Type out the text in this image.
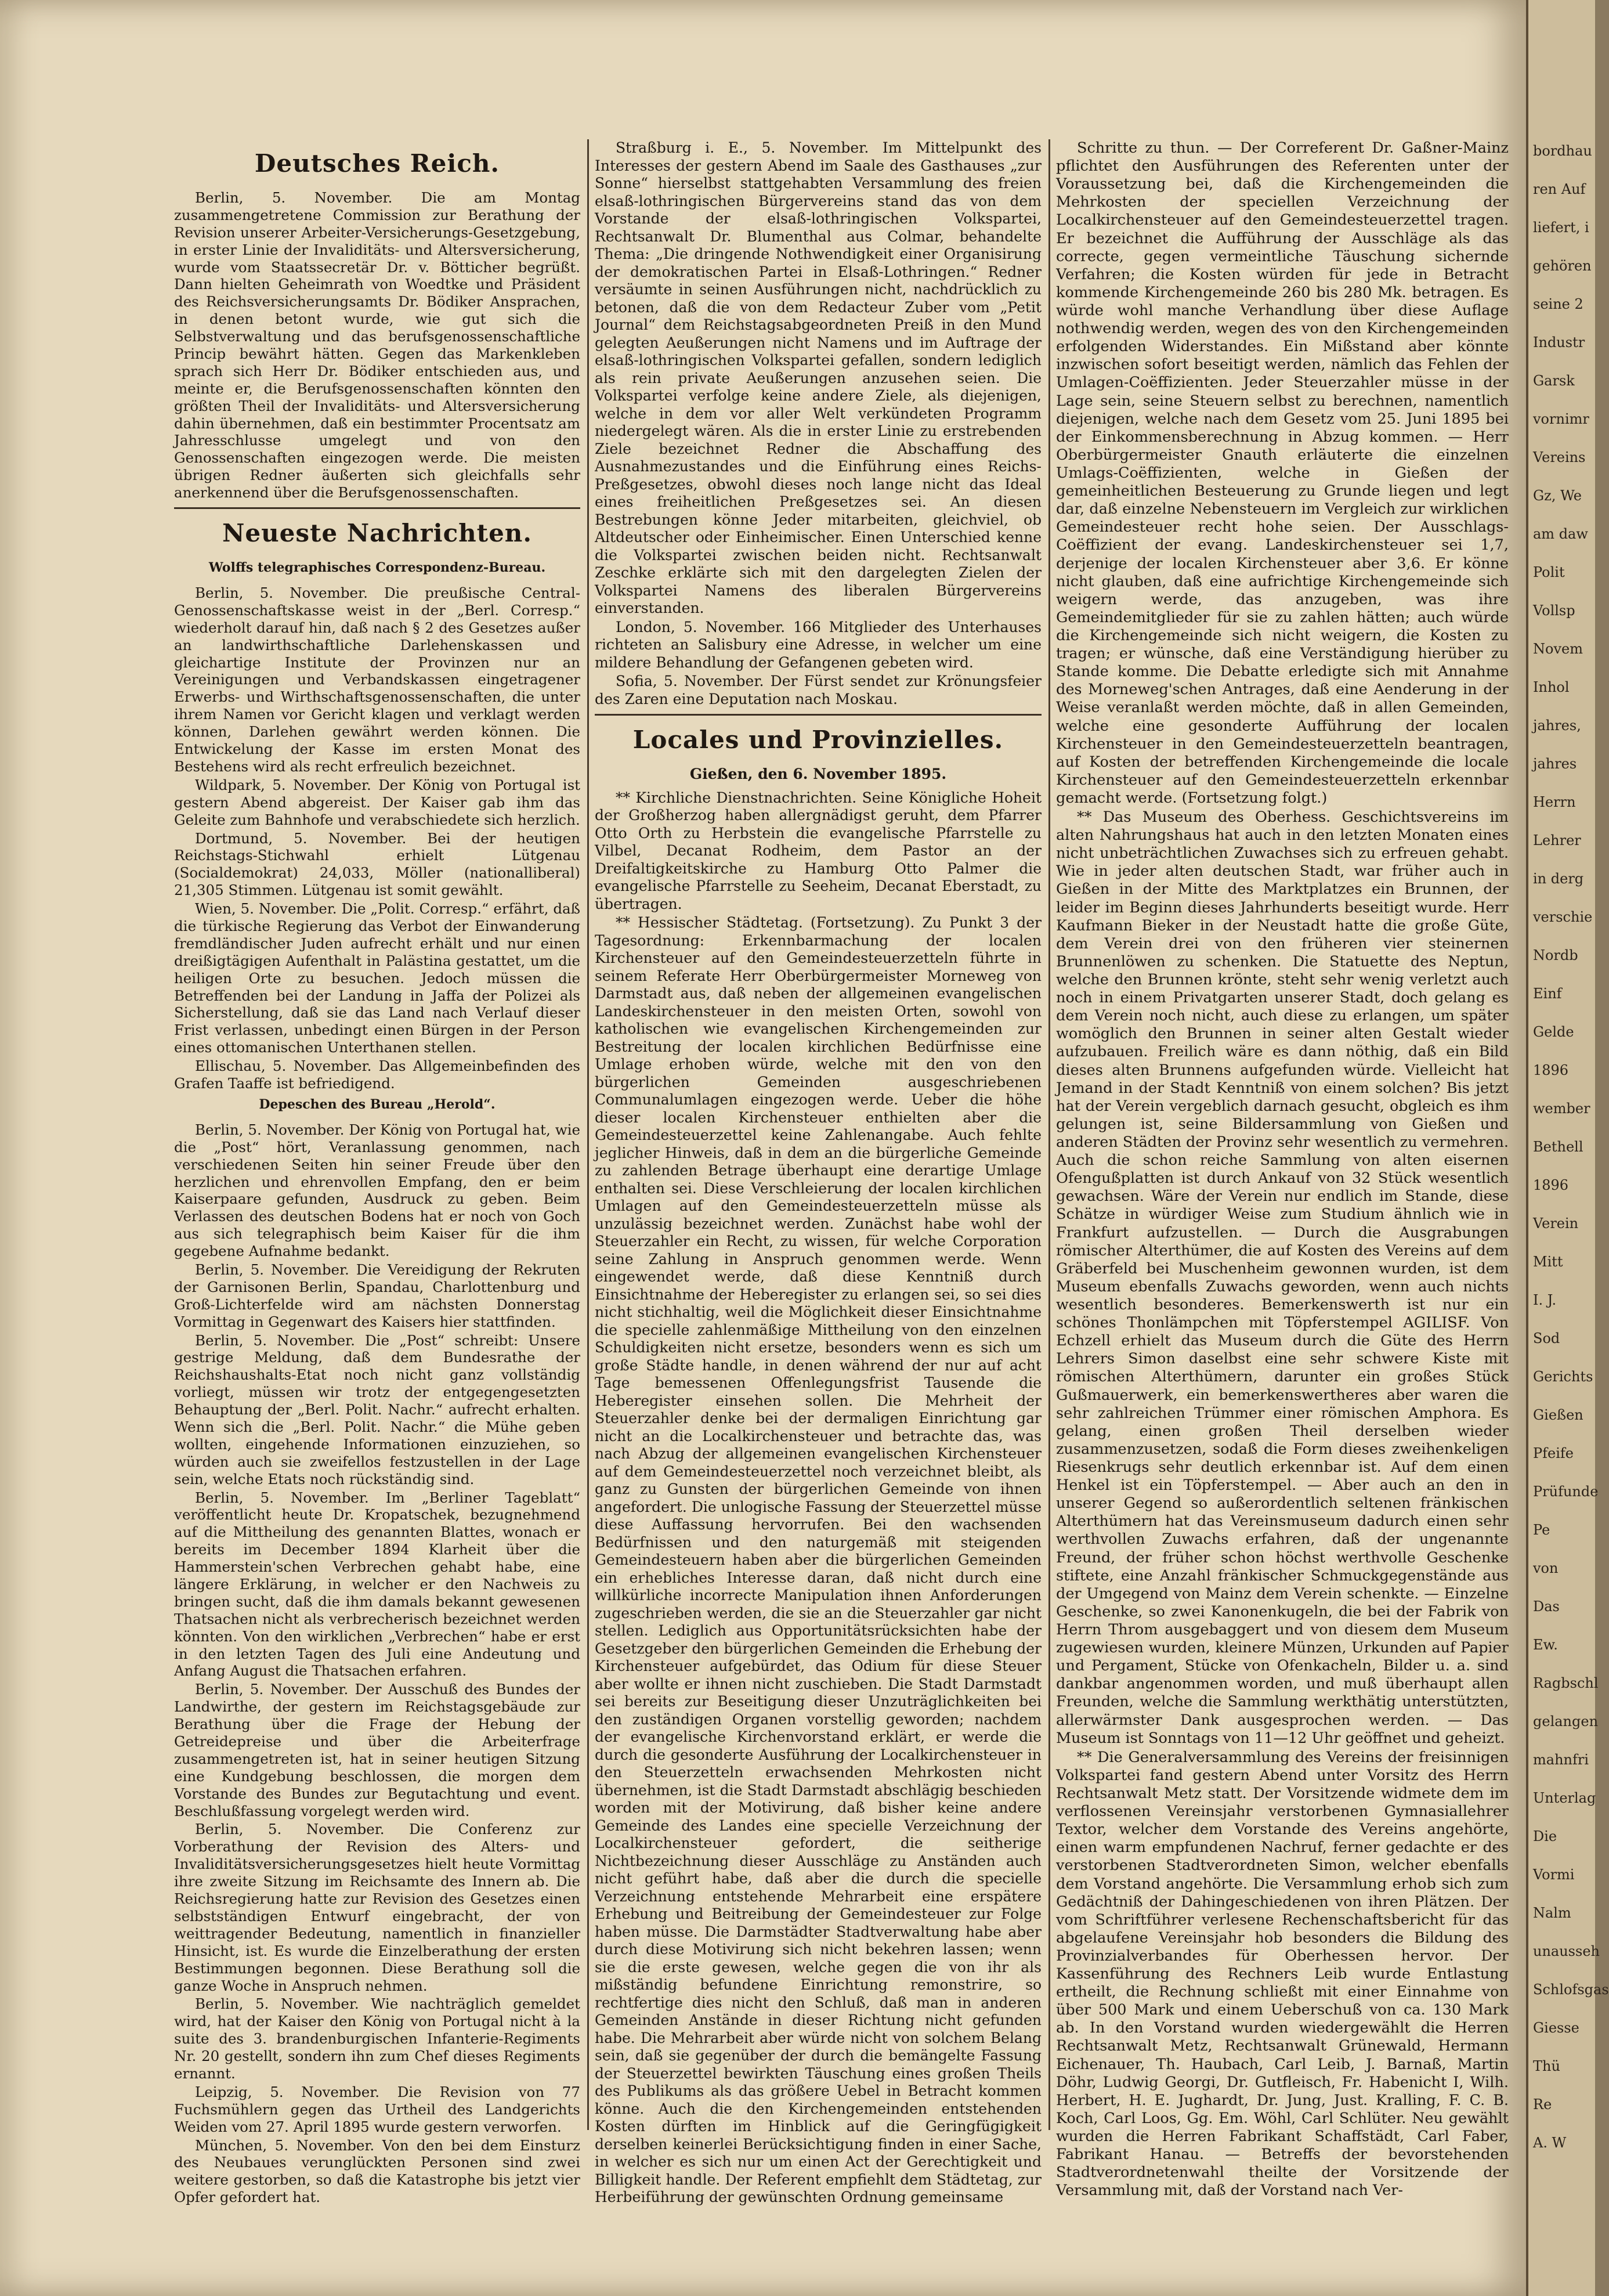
Deutsches Reich.

Berlin, 5. November. Die am Montag zusammengetretene Commission zur Berathung der Revision unserer Arbeiter-Versicherungs-Gesetzgebung, in erster Linie der Invaliditäts- und Altersversicherung, wurde vom Staatssecretär Dr. v. Bötticher begrüßt. Dann hielten Geheimrath von Woedtke und Präsident des Reichsversicherungsamts Dr. Bödiker Ansprachen, in denen betont wurde, wie gut sich die Selbstverwaltung und das berufsgenossenschaftliche Princip bewährt hätten. Gegen das Markenkleben sprach sich Herr Dr. Bödiker entschieden aus, und meinte er, die Berufsgenossenschaften könnten den größten Theil der Invaliditäts- und Altersversicherung dahin übernehmen, daß ein bestimmter Procentsatz am Jahresschlusse umgelegt und von den Genossenschaften eingezogen werde. Die meisten übrigen Redner äußerten sich gleichfalls sehr anerkennend über die Berufsgenossenschaften.

Neueste Nachrichten.
Wolffs telegraphisches Correspondenz-Bureau.

Berlin, 5. November. Die preußische Central-Genossenschaftskasse weist in der „Berl. Corresp.“ wiederholt darauf hin, daß nach § 2 des Gesetzes außer an landwirthschaftliche Darlehenskassen und gleichartige Institute der Provinzen nur an Vereinigungen und Verbandskassen eingetragener Erwerbs- und Wirthschaftsgenossenschaften, die unter ihrem Namen vor Gericht klagen und verklagt werden können, Darlehen gewährt werden können. Die Entwickelung der Kasse im ersten Monat des Bestehens wird als recht erfreulich bezeichnet.

Wildpark, 5. November. Der König von Portugal ist gestern Abend abgereist. Der Kaiser gab ihm das Geleite zum Bahnhofe und verabschiedete sich herzlich.

Dortmund, 5. November. Bei der heutigen Reichstags-Stichwahl erhielt Lütgenau (Socialdemokrat) 24,033, Möller (nationalliberal) 21,305 Stimmen. Lütgenau ist somit gewählt.

Wien, 5. November. Die „Polit. Corresp.“ erfährt, daß die türkische Regierung das Verbot der Einwanderung fremdländischer Juden aufrecht erhält und nur einen dreißigtägigen Aufenthalt in Palästina gestattet, um die heiligen Orte zu besuchen. Jedoch müssen die Betreffenden bei der Landung in Jaffa der Polizei als Sicherstellung, daß sie das Land nach Verlauf dieser Frist verlassen, unbedingt einen Bürgen in der Person eines ottomanischen Unterthanen stellen.

Ellischau, 5. November. Das Allgemeinbefinden des Grafen Taaffe ist befriedigend.

Depeschen des Bureau „Herold“.

Berlin, 5. November. Der König von Portugal hat, wie die „Post“ hört, Veranlassung genommen, nach verschiedenen Seiten hin seiner Freude über den herzlichen und ehrenvollen Empfang, den er beim Kaiserpaare gefunden, Ausdruck zu geben. Beim Verlassen des deutschen Bodens hat er noch von Goch aus sich telegraphisch beim Kaiser für die ihm gegebene Aufnahme bedankt.

Berlin, 5. November. Die Vereidigung der Rekruten der Garnisonen Berlin, Spandau, Charlottenburg und Groß-Lichterfelde wird am nächsten Donnerstag Vormittag in Gegenwart des Kaisers hier stattfinden.

Berlin, 5. November. Die „Post“ schreibt: Unsere gestrige Meldung, daß dem Bundesrathe der Reichshaushalts-Etat noch nicht ganz vollständig vorliegt, müssen wir trotz der entgegengesetzten Behauptung der „Berl. Polit. Nachr.“ aufrecht erhalten. Wenn sich die „Berl. Polit. Nachr.“ die Mühe geben wollten, eingehende Informationen einzuziehen, so würden auch sie zweifellos festzustellen in der Lage sein, welche Etats noch rückständig sind.

Berlin, 5. November. Im „Berliner Tageblatt“ veröffentlicht heute Dr. Kropatschek, bezugnehmend auf die Mittheilung des genannten Blattes, wonach er bereits im December 1894 Klarheit über die Hammerstein'schen Verbrechen gehabt habe, eine längere Erklärung, in welcher er den Nachweis zu bringen sucht, daß die ihm damals bekannt gewesenen Thatsachen nicht als verbrecherisch bezeichnet werden könnten. Von den wirklichen „Verbrechen“ habe er erst in den letzten Tagen des Juli eine Andeutung und Anfang August die Thatsachen erfahren.

Berlin, 5. November. Der Ausschuß des Bundes der Landwirthe, der gestern im Reichstagsgebäude zur Berathung über die Frage der Hebung der Getreidepreise und über die Arbeiterfrage zusammengetreten ist, hat in seiner heutigen Sitzung eine Kundgebung beschlossen, die morgen dem Vorstande des Bundes zur Begutachtung und event. Beschlußfassung vorgelegt werden wird.

Berlin, 5. November. Die Conferenz zur Vorberathung der Revision des Alters- und Invaliditätsversicherungsgesetzes hielt heute Vormittag ihre zweite Sitzung im Reichsamte des Innern ab. Die Reichsregierung hatte zur Revision des Gesetzes einen selbstständigen Entwurf eingebracht, der von weittragender Bedeutung, namentlich in finanzieller Hinsicht, ist. Es wurde die Einzelberathung der ersten Bestimmungen begonnen. Diese Berathung soll die ganze Woche in Anspruch nehmen.

Berlin, 5. November. Wie nachträglich gemeldet wird, hat der Kaiser den König von Portugal nicht à la suite des 3. brandenburgischen Infanterie-Regiments Nr. 20 gestellt, sondern ihn zum Chef dieses Regiments ernannt.

Leipzig, 5. November. Die Revision von 77 Fuchsmühlern gegen das Urtheil des Landgerichts Weiden vom 27. April 1895 wurde gestern verworfen.

München, 5. November. Von den bei dem Einsturz des Neubaues verunglückten Personen sind zwei weitere gestorben, so daß die Katastrophe bis jetzt vier Opfer gefordert hat.

Straßburg i. E., 5. November. Im Mittelpunkt des Interesses der gestern Abend im Saale des Gasthauses „zur Sonne“ hierselbst stattgehabten Versammlung des freien elsaß-lothringischen Bürgervereins stand das von dem Vorstande der elsaß-lothringischen Volkspartei, Rechtsanwalt Dr. Blumenthal aus Colmar, behandelte Thema: „Die dringende Nothwendigkeit einer Organisirung der demokratischen Partei in Elsaß-Lothringen.“ Redner versäumte in seinen Ausführungen nicht, nachdrücklich zu betonen, daß die von dem Redacteur Zuber vom „Petit Journal“ dem Reichstagsabgeordneten Preiß in den Mund gelegten Aeußerungen nicht Namens und im Auftrage der elsaß-lothringischen Volkspartei gefallen, sondern lediglich als rein private Aeußerungen anzusehen seien. Die Volkspartei verfolge keine andere Ziele, als diejenigen, welche in dem vor aller Welt verkündeten Programm niedergelegt wären. Als die in erster Linie zu erstrebenden Ziele bezeichnet Redner die Abschaffung des Ausnahmezustandes und die Einführung eines Reichs-Preßgesetzes, obwohl dieses noch lange nicht das Ideal eines freiheitlichen Preßgesetzes sei. An diesen Bestrebungen könne Jeder mitarbeiten, gleichviel, ob Altdeutscher oder Einheimischer. Einen Unterschied kenne die Volkspartei zwischen beiden nicht. Rechtsanwalt Zeschke erklärte sich mit den dargelegten Zielen der Volkspartei Namens des liberalen Bürgervereins einverstanden.

London, 5. November. 166 Mitglieder des Unterhauses richteten an Salisbury eine Adresse, in welcher um eine mildere Behandlung der Gefangenen gebeten wird.

Sofia, 5. November. Der Fürst sendet zur Krönungsfeier des Zaren eine Deputation nach Moskau.

Locales und Provinzielles.
Gießen, den 6. November 1895.

** Kirchliche Dienstnachrichten. Seine Königliche Hoheit der Großherzog haben allergnädigst geruht, dem Pfarrer Otto Orth zu Herbstein die evangelische Pfarrstelle zu Vilbel, Decanat Rodheim, dem Pastor an der Dreifaltigkeitskirche zu Hamburg Otto Palmer die evangelische Pfarrstelle zu Seeheim, Decanat Eberstadt, zu übertragen.

** Hessischer Städtetag. (Fortsetzung). Zu Punkt 3 der Tagesordnung: Erkennbarmachung der localen Kirchensteuer auf den Gemeindesteuerzetteln führte in seinem Referate Herr Oberbürgermeister Morneweg von Darmstadt aus, daß neben der allgemeinen evangelischen Landeskirchensteuer in den meisten Orten, sowohl von katholischen wie evangelischen Kirchengemeinden zur Bestreitung der localen kirchlichen Bedürfnisse eine Umlage erhoben würde, welche mit den von den bürgerlichen Gemeinden ausgeschriebenen Communalumlagen eingezogen werde. Ueber die höhe dieser localen Kirchensteuer enthielten aber die Gemeindesteuerzettel keine Zahlenangabe. Auch fehlte jeglicher Hinweis, daß in dem an die bürgerliche Gemeinde zu zahlenden Betrage überhaupt eine derartige Umlage enthalten sei. Diese Verschleierung der localen kirchlichen Umlagen auf den Gemeindesteuerzetteln müsse als unzulässig bezeichnet werden. Zunächst habe wohl der Steuerzahler ein Recht, zu wissen, für welche Corporation seine Zahlung in Anspruch genommen werde. Wenn eingewendet werde, daß diese Kenntniß durch Einsichtnahme der Heberegister zu erlangen sei, so sei dies nicht stichhaltig, weil die Möglichkeit dieser Einsichtnahme die specielle zahlenmäßige Mittheilung von den einzelnen Schuldigkeiten nicht ersetze, besonders wenn es sich um große Städte handle, in denen während der nur auf acht Tage bemessenen Offenlegungsfrist Tausende die Heberegister einsehen sollen. Die Mehrheit der Steuerzahler denke bei der dermaligen Einrichtung gar nicht an die Localkirchensteuer und betrachte das, was nach Abzug der allgemeinen evangelischen Kirchensteuer auf dem Gemeindesteuerzettel noch verzeichnet bleibt, als ganz zu Gunsten der bürgerlichen Gemeinde von ihnen angefordert. Die unlogische Fassung der Steuerzettel müsse diese Auffassung hervorrufen. Bei den wachsenden Bedürfnissen und den naturgemäß mit steigenden Gemeindesteuern haben aber die bürgerlichen Gemeinden ein erhebliches Interesse daran, daß nicht durch eine willkürliche incorrecte Manipulation ihnen Anforderungen zugeschrieben werden, die sie an die Steuerzahler gar nicht stellen. Lediglich aus Opportunitätsrücksichten habe der Gesetzgeber den bürgerlichen Gemeinden die Erhebung der Kirchensteuer aufgebürdet, das Odium für diese Steuer aber wollte er ihnen nicht zuschieben. Die Stadt Darmstadt sei bereits zur Beseitigung dieser Unzuträglichkeiten bei den zuständigen Organen vorstellig geworden; nachdem der evangelische Kirchenvorstand erklärt, er werde die durch die gesonderte Ausführung der Localkirchensteuer in den Steuerzetteln erwachsenden Mehrkosten nicht übernehmen, ist die Stadt Darmstadt abschlägig beschieden worden mit der Motivirung, daß bisher keine andere Gemeinde des Landes eine specielle Verzeichnung der Localkirchensteuer gefordert, die seitherige Nichtbezeichnung dieser Ausschläge zu Anständen auch nicht geführt habe, daß aber die durch die specielle Verzeichnung entstehende Mehrarbeit eine erspätere Erhebung und Beitreibung der Gemeindesteuer zur Folge haben müsse. Die Darmstädter Stadtverwaltung habe aber durch diese Motivirung sich nicht bekehren lassen; wenn sie die erste gewesen, welche gegen die von ihr als mißständig befundene Einrichtung remonstrire, so rechtfertige dies nicht den Schluß, daß man in anderen Gemeinden Anstände in dieser Richtung nicht gefunden habe. Die Mehrarbeit aber würde nicht von solchem Belang sein, daß sie gegenüber der durch die bemängelte Fassung der Steuerzettel bewirkten Täuschung eines großen Theils des Publikums als das größere Uebel in Betracht kommen könne. Auch die den Kirchengemeinden entstehenden Kosten dürften im Hinblick auf die Geringfügigkeit derselben keinerlei Berücksichtigung finden in einer Sache, in welcher es sich nur um einen Act der Gerechtigkeit und Billigkeit handle. Der Referent empfiehlt dem Städtetag, zur Herbeiführung der gewünschten Ordnung gemeinsame

Schritte zu thun. — Der Correferent Dr. Gaßner-Mainz pflichtet den Ausführungen des Referenten unter der Voraussetzung bei, daß die Kirchengemeinden die Mehrkosten der speciellen Verzeichnung der Localkirchensteuer auf den Gemeindesteuerzettel tragen. Er bezeichnet die Aufführung der Ausschläge als das correcte, gegen vermeintliche Täuschung sichernde Verfahren; die Kosten würden für jede in Betracht kommende Kirchengemeinde 260 bis 280 Mk. betragen. Es würde wohl manche Verhandlung über diese Auflage nothwendig werden, wegen des von den Kirchengemeinden erfolgenden Widerstandes. Ein Mißstand aber könnte inzwischen sofort beseitigt werden, nämlich das Fehlen der Umlagen-Coëffizienten. Jeder Steuerzahler müsse in der Lage sein, seine Steuern selbst zu berechnen, namentlich diejenigen, welche nach dem Gesetz vom 25. Juni 1895 bei der Einkommensberechnung in Abzug kommen. — Herr Oberbürgermeister Gnauth erläuterte die einzelnen Umlags-Coëffizienten, welche in Gießen der gemeinheitlichen Besteuerung zu Grunde liegen und legt dar, daß einzelne Nebensteuern im Vergleich zur wirklichen Gemeindesteuer recht hohe seien. Der Ausschlags-Coëffizient der evang. Landeskirchensteuer sei 1,7, derjenige der localen Kirchensteuer aber 3,6. Er könne nicht glauben, daß eine aufrichtige Kirchengemeinde sich weigern werde, das anzugeben, was ihre Gemeindemitglieder für sie zu zahlen hätten; auch würde die Kirchengemeinde sich nicht weigern, die Kosten zu tragen; er wünsche, daß eine Verständigung hierüber zu Stande komme. Die Debatte erledigte sich mit Annahme des Morneweg'schen Antrages, daß eine Aenderung in der Weise veranlaßt werden möchte, daß in allen Gemeinden, welche eine gesonderte Aufführung der localen Kirchensteuer in den Gemeindesteuerzetteln beantragen, auf Kosten der betreffenden Kirchengemeinde die locale Kirchensteuer auf den Gemeindesteuerzetteln erkennbar gemacht werde. (Fortsetzung folgt.)

** Das Museum des Oberhess. Geschichtsvereins im alten Nahrungshaus hat auch in den letzten Monaten eines nicht unbeträchtlichen Zuwachses sich zu erfreuen gehabt. Wie in jeder alten deutschen Stadt, war früher auch in Gießen in der Mitte des Marktplatzes ein Brunnen, der leider im Beginn dieses Jahrhunderts beseitigt wurde. Herr Kaufmann Bieker in der Neustadt hatte die große Güte, dem Verein drei von den früheren vier steinernen Brunnenlöwen zu schenken. Die Statuette des Neptun, welche den Brunnen krönte, steht sehr wenig verletzt auch noch in einem Privatgarten unserer Stadt, doch gelang es dem Verein noch nicht, auch diese zu erlangen, um später womöglich den Brunnen in seiner alten Gestalt wieder aufzubauen. Freilich wäre es dann nöthig, daß ein Bild dieses alten Brunnens aufgefunden würde. Vielleicht hat Jemand in der Stadt Kenntniß von einem solchen? Bis jetzt hat der Verein vergeblich darnach gesucht, obgleich es ihm gelungen ist, seine Bildersammlung von Gießen und anderen Städten der Provinz sehr wesentlich zu vermehren. Auch die schon reiche Sammlung von alten eisernen Ofengußplatten ist durch Ankauf von 32 Stück wesentlich gewachsen. Wäre der Verein nur endlich im Stande, diese Schätze in würdiger Weise zum Studium ähnlich wie in Frankfurt aufzustellen. — Durch die Ausgrabungen römischer Alterthümer, die auf Kosten des Vereins auf dem Gräberfeld bei Muschenheim gewonnen wurden, ist dem Museum ebenfalls Zuwachs geworden, wenn auch nichts wesentlich besonderes. Bemerkenswerth ist nur ein schönes Thonlämpchen mit Töpferstempel AGILISF. Von Echzell erhielt das Museum durch die Güte des Herrn Lehrers Simon daselbst eine sehr schwere Kiste mit römischen Alterthümern, darunter ein großes Stück Gußmauerwerk, ein bemerkenswertheres aber waren die sehr zahlreichen Trümmer einer römischen Amphora. Es gelang, einen großen Theil derselben wieder zusammenzusetzen, sodaß die Form dieses zweihenkeligen Riesenkrugs sehr deutlich erkennbar ist. Auf dem einen Henkel ist ein Töpferstempel. — Aber auch an den in unserer Gegend so außerordentlich seltenen fränkischen Alterthümern hat das Vereinsmuseum dadurch einen sehr werthvollen Zuwachs erfahren, daß der ungenannte Freund, der früher schon höchst werthvolle Geschenke stiftete, eine Anzahl fränkischer Schmuckgegenstände aus der Umgegend von Mainz dem Verein schenkte. — Einzelne Geschenke, so zwei Kanonenkugeln, die bei der Fabrik von Herrn Throm ausgebaggert und von diesem dem Museum zugewiesen wurden, kleinere Münzen, Urkunden auf Papier und Pergament, Stücke von Ofenkacheln, Bilder u. a. sind dankbar angenommen worden, und muß überhaupt allen Freunden, welche die Sammlung werkthätig unterstützten, allerwärmster Dank ausgesprochen werden. — Das Museum ist Sonntags von 11—12 Uhr geöffnet und geheizt.

** Die Generalversammlung des Vereins der freisinnigen Volkspartei fand gestern Abend unter Vorsitz des Herrn Rechtsanwalt Metz statt. Der Vorsitzende widmete dem im verflossenen Vereinsjahr verstorbenen Gymnasiallehrer Textor, welcher dem Vorstande des Vereins angehörte, einen warm empfundenen Nachruf, ferner gedachte er des verstorbenen Stadtverordneten Simon, welcher ebenfalls dem Vorstand angehörte. Die Versammlung erhob sich zum Gedächtniß der Dahingeschiedenen von ihren Plätzen. Der vom Schriftführer verlesene Rechenschaftsbericht für das abgelaufene Vereinsjahr hob besonders die Bildung des Provinzialverbandes für Oberhessen hervor. Der Kassenführung des Rechners Leib wurde Entlastung ertheilt, die Rechnung schließt mit einer Einnahme von über 500 Mark und einem Ueberschuß von ca. 130 Mark ab. In den Vorstand wurden wiedergewählt die Herren Rechtsanwalt Metz, Rechtsanwalt Grünewald, Hermann Eichenauer, Th. Haubach, Carl Leib, J. Barnaß, Martin Döhr, Ludwig Georgi, Dr. Gutfleisch, Fr. Habenicht I, Wilh. Herbert, H. E. Jughardt, Dr. Jung, Just. Kralling, F. C. B. Koch, Carl Loos, Gg. Em. Wöhl, Carl Schlüter. Neu gewählt wurden die Herren Fabrikant Schaffstädt, Carl Faber, Fabrikant Hanau. — Betreffs der bevorstehenden Stadtverordnetenwahl theilte der Vorsitzende der Versammlung mit, daß der Vorstand nach Ver-

bordhau
ren Auf
liefert, i
gehören
seine 2
Industr
Garsk
vornimr
Vereins
Gz, We
am daw
Polit
Vollsp
Novem
Inhol
jahres,
jahres
Herrn
Lehrer
in derg
verschie
Nordb
Einf
Gelde
1896
wember
Bethell
1896
Verein
Mitt
I. J.
Sod
Gerichts
Gießen
Pfeife
Prüfunde
Pe
von
Das
Ew.
Ragbschl
gelangen
mahnfri
Unterlag
Die
Vormi
Nalm
unausseh
Schlofsgas
Giesse
Thü
Re
A. W
